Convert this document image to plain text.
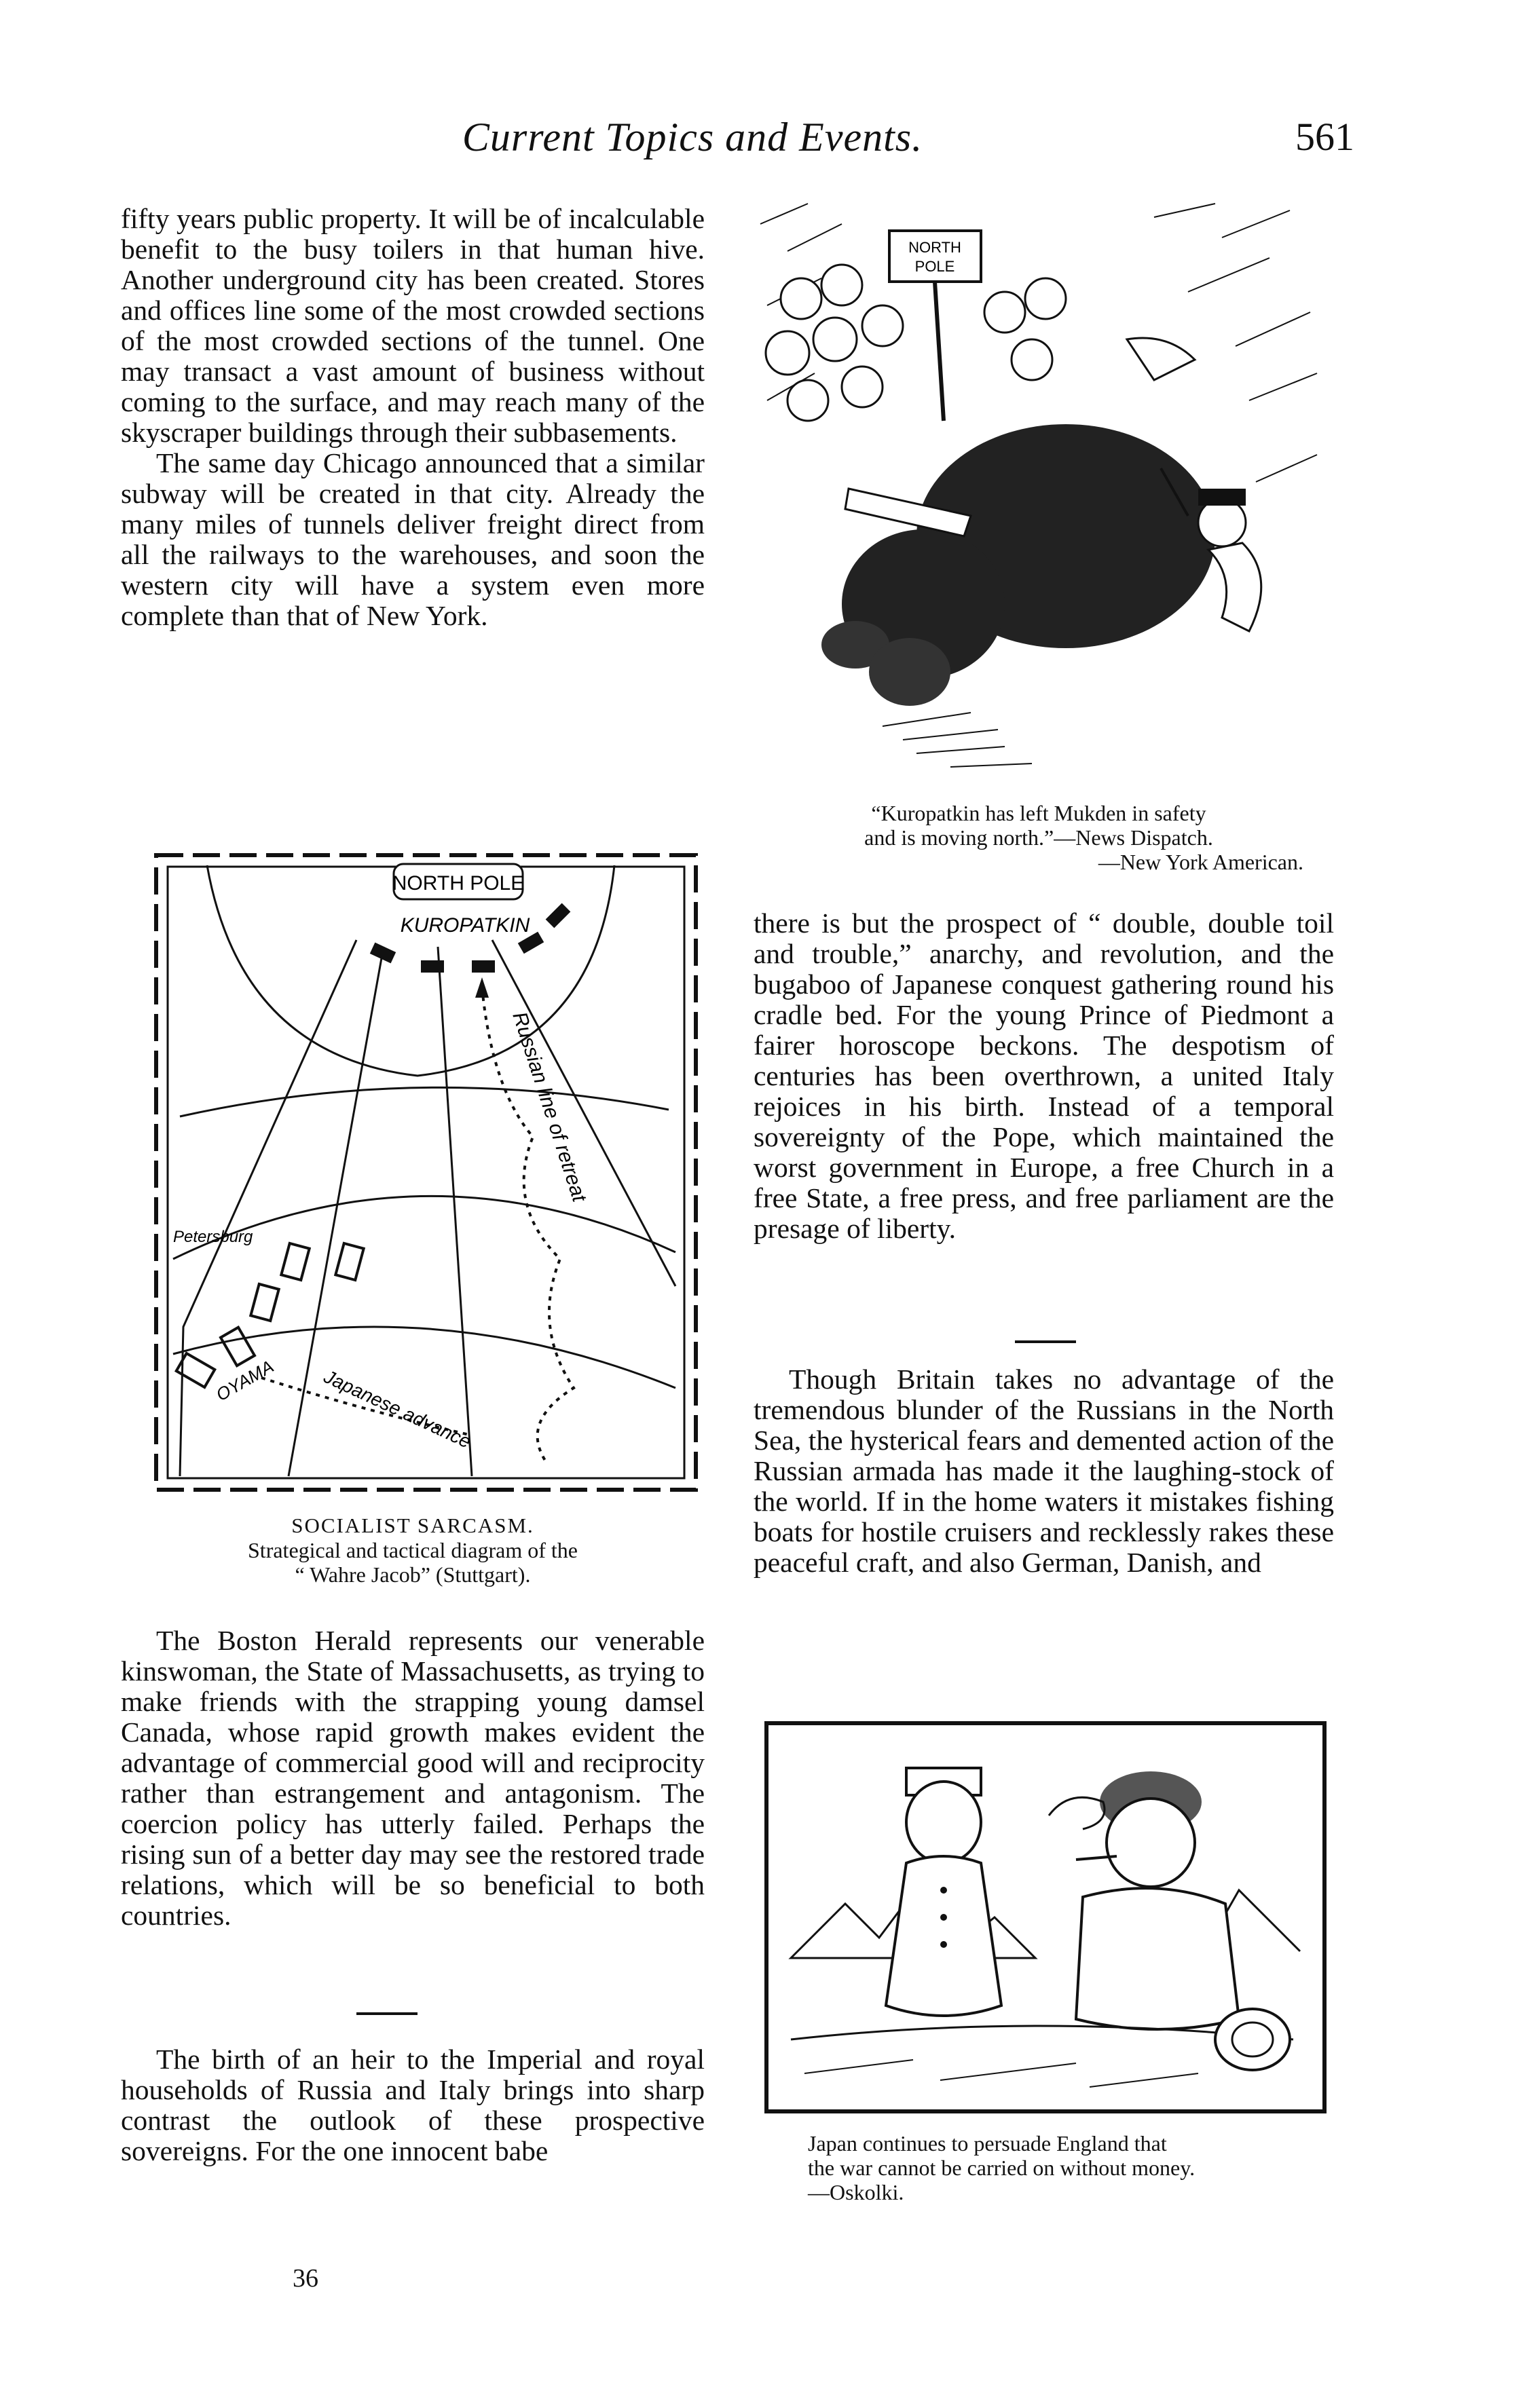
Current Topics and Events.	561

fifty years public property. It will be of incalculable benefit to the busy toilers in that human hive. Another underground city has been created. Stores and offices line some of the most crowded sections of the most crowded sections of the tunnel. One may transact a vast amount of business without coming to the surface, and may reach many of the skyscraper buildings through their subbasements.

The same day Chicago announced that a similar subway will be created in that city. Already the many miles of tunnels deliver freight direct from all the railways to the warehouses, and soon the western city will have a system even more complete than that of New York.

NORTH POLE
KUROPATKIN
Russian line of retreat
Petersburg
OYAMA Japanese advance
SOCIALIST SARCASM.
Strategical and tactical diagram of the
“ Wahre Jacob” (Stuttgart).

The Boston Herald represents our venerable kinswoman, the State of Massachusetts, as trying to make friends with the strapping young damsel Canada, whose rapid growth makes evident the advantage of commercial good will and reciprocity rather than estrangement and antagonism. The coercion policy has utterly failed. Perhaps the rising sun of a better day may see the restored trade relations, which will be so beneficial to both countries.

The birth of an heir to the Imperial and royal households of Russia and Italy brings into sharp contrast the outlook of these prospective sovereigns. For the one innocent babe

NORTH
POLE
“Kuropatkin has left Mukden in safety
and is moving north.”—News Dispatch.
—New York American.

there is but the prospect of “ double, double toil and trouble,” anarchy, and revolution, and the bugaboo of Japanese conquest gathering round his cradle bed. For the young Prince of Piedmont a fairer horoscope beckons. The despotism of centuries has been overthrown, a united Italy rejoices in his birth. Instead of a temporal sovereignty of the Pope, which maintained the worst government in Europe, a free Church in a free State, a free press, and free parliament are the presage of liberty.

Though Britain takes no advantage of the tremendous blunder of the Russians in the North Sea, the hysterical fears and demented action of the Russian armada has made it the laughing-stock of the world. If in the home waters it mistakes fishing boats for hostile cruisers and recklessly rakes these peaceful craft, and also German, Danish, and

Japan continues to persuade England that
the war cannot be carried on without money.
—Oskolki.
36
